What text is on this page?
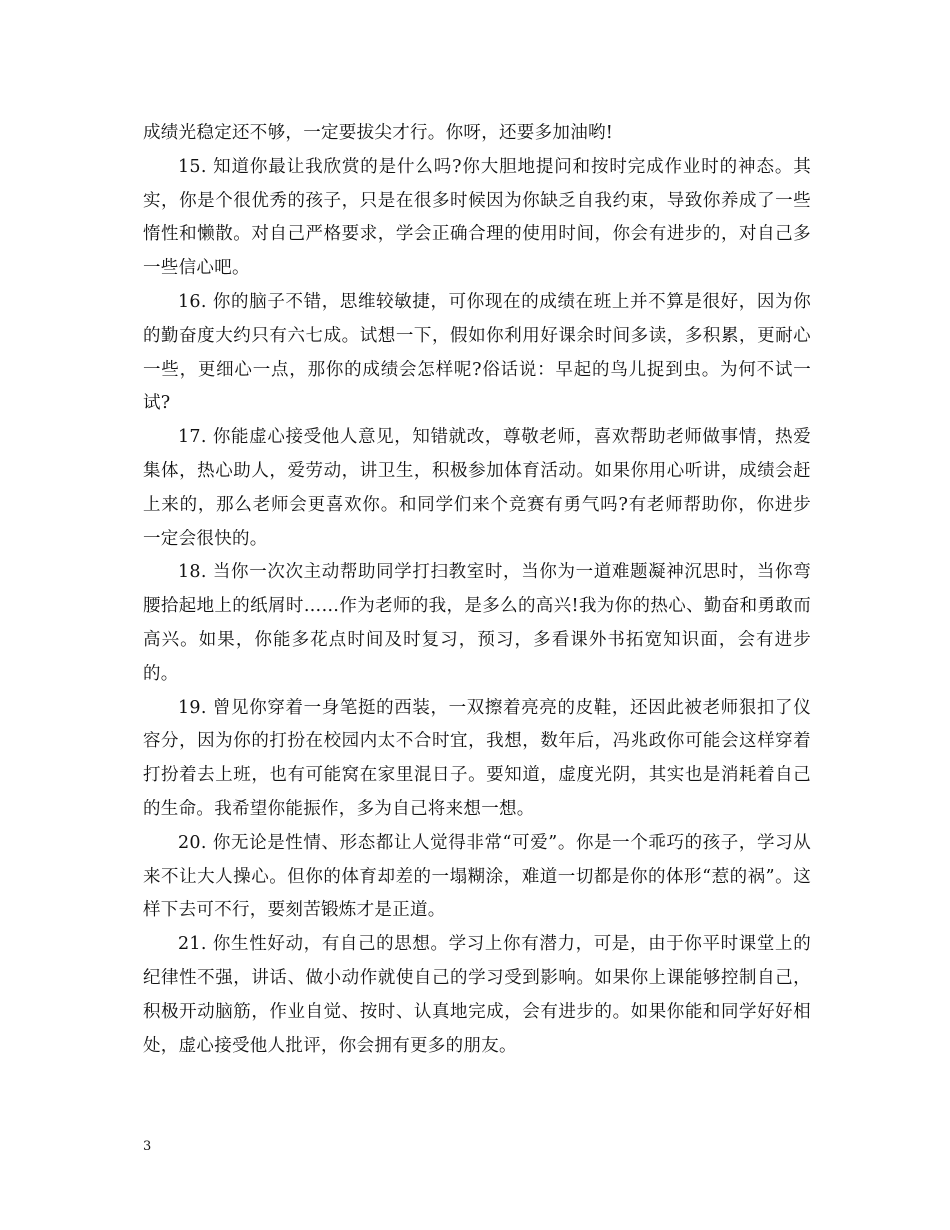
成绩光稳定还不够，一定要拔尖才行。你呀，还要多加油哟!

15. 知道你最让我欣赏的是什么吗?你大胆地提问和按时完成作业时的神态。其实，你是个很优秀的孩子，只是在很多时候因为你缺乏自我约束，导致你养成了一些惰性和懒散。对自己严格要求，学会正确合理的使用时间，你会有进步的，对自己多一些信心吧。

16. 你的脑子不错，思维较敏捷，可你现在的成绩在班上并不算是很好，因为你的勤奋度大约只有六七成。试想一下，假如你利用好课余时间多读，多积累，更耐心一些，更细心一点，那你的成绩会怎样呢?俗话说：早起的鸟儿捉到虫。为何不试一试?

17. 你能虚心接受他人意见，知错就改，尊敬老师，喜欢帮助老师做事情，热爱集体，热心助人，爱劳动，讲卫生，积极参加体育活动。如果你用心听讲，成绩会赶上来的，那么老师会更喜欢你。和同学们来个竞赛有勇气吗?有老师帮助你，你进步一定会很快的。

18. 当你一次次主动帮助同学打扫教室时，当你为一道难题凝神沉思时，当你弯腰拾起地上的纸屑时……作为老师的我，是多么的高兴!我为你的热心、勤奋和勇敢而高兴。如果，你能多花点时间及时复习，预习，多看课外书拓宽知识面，会有进步的。

19. 曾见你穿着一身笔挺的西装，一双擦着亮亮的皮鞋，还因此被老师狠扣了仪容分，因为你的打扮在校园内太不合时宜，我想，数年后，冯兆政你可能会这样穿着打扮着去上班，也有可能窝在家里混日子。要知道，虚度光阴，其实也是消耗着自己的生命。我希望你能振作，多为自己将来想一想。

20. 你无论是性情、形态都让人觉得非常“可爱”。你是一个乖巧的孩子，学习从来不让大人操心。但你的体育却差的一塌糊涂，难道一切都是你的体形“惹的祸”。这样下去可不行，要刻苦锻炼才是正道。

21. 你生性好动，有自己的思想。学习上你有潜力，可是，由于你平时课堂上的纪律性不强，讲话、做小动作就使自己的学习受到影响。如果你上课能够控制自己，积极开动脑筋，作业自觉、按时、认真地完成，会有进步的。如果你能和同学好好相处，虚心接受他人批评，你会拥有更多的朋友。

3
